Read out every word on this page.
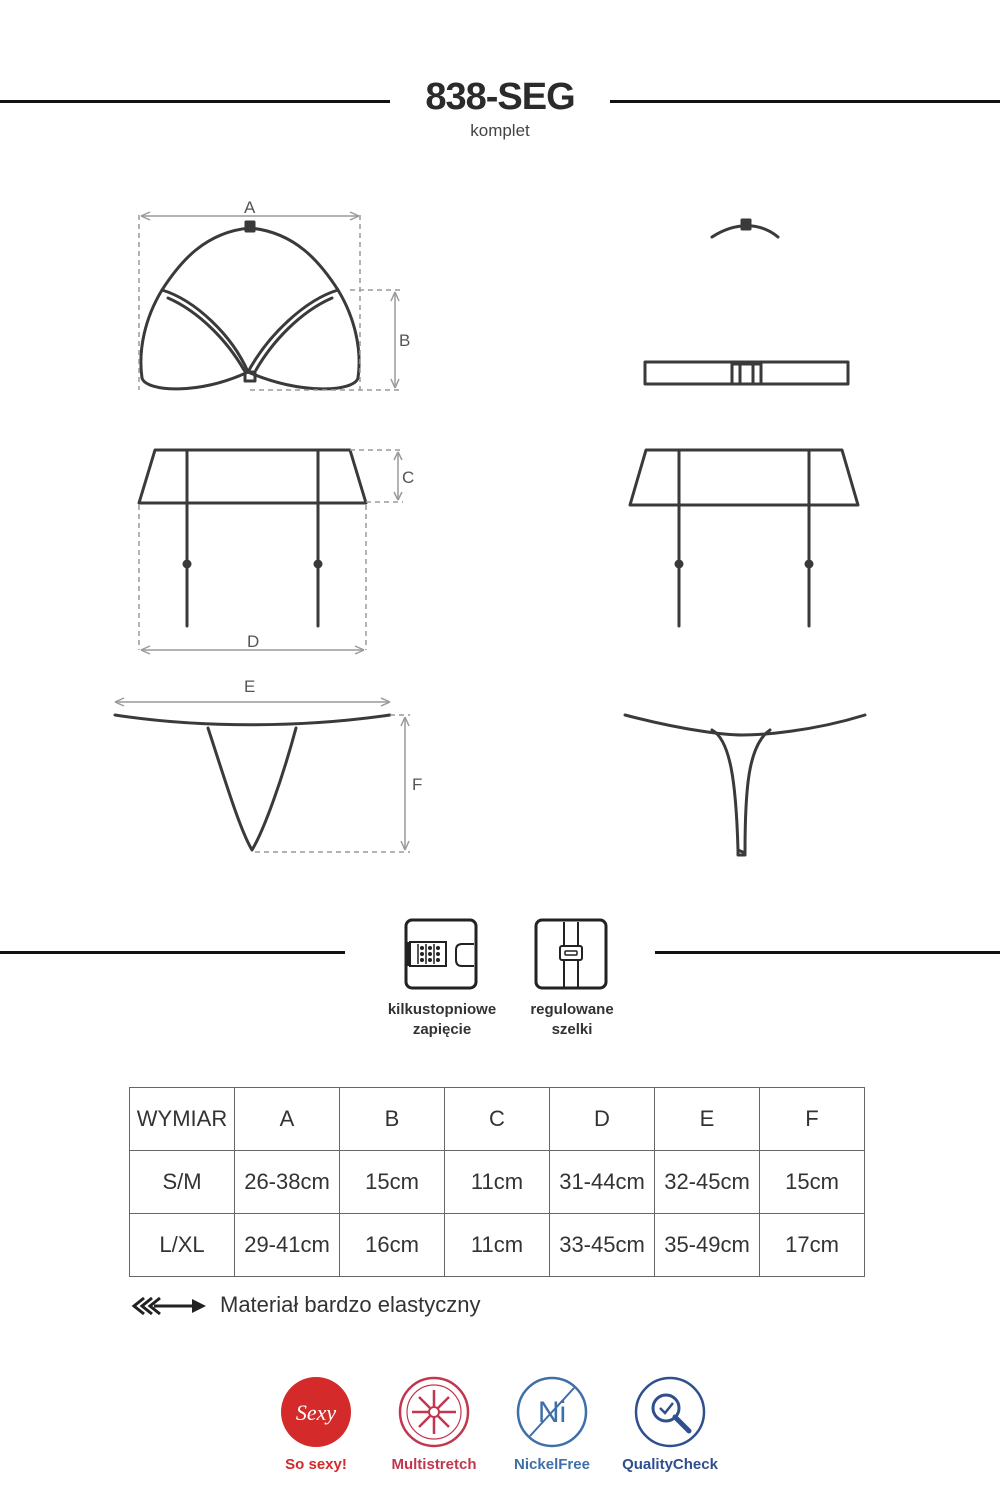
838-SEG
komplet
A
B
C
D
E
F
kilkustopniowe
zapięcie
regulowane
szelki
WYMIAR	A	B	C	D	E	F
S/M	26-38cm	15cm	11cm	31-44cm	32-45cm	15cm
L/XL	29-41cm	16cm	11cm	33-45cm	35-49cm	17cm
Materiał bardzo elastyczny
Sexy
So sexy!	Multistretch
Ni
NickelFree	QualityCheck
